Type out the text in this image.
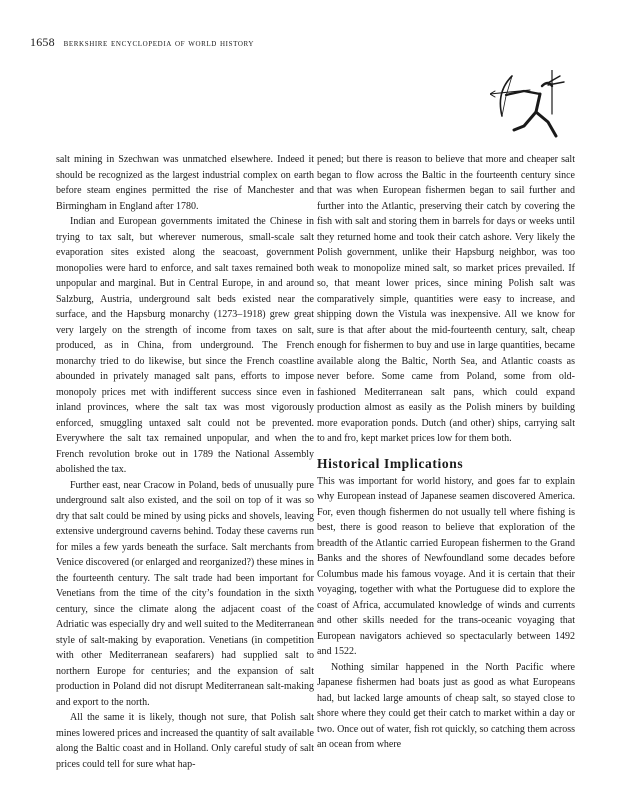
1658 berkshire encyclopedia of world history

salt mining in Szechwan was unmatched elsewhere. Indeed it should be recognized as the largest industrial complex on earth before steam engines permitted the rise of Manchester and Birmingham in England after 1780.

Indian and European governments imitated the Chinese in trying to tax salt, but wherever numerous, small-scale salt evaporation sites existed along the seacoast, government monopolies were hard to enforce, and salt taxes remained both unpopular and marginal. But in Central Europe, in and around Salzburg, Austria, underground salt beds existed near the surface, and the Hapsburg monarchy (1273–1918) grew great very largely on the strength of income from taxes on salt, produced, as in China, from underground. The French monarchy tried to do likewise, but since the French coastline abounded in privately managed salt pans, efforts to impose monopoly prices met with indifferent success since even in inland provinces, where the salt tax was most vigorously enforced, smuggling untaxed salt could not be prevented. Everywhere the salt tax remained unpopular, and when the French revolution broke out in 1789 the National Assembly abolished the tax.

Further east, near Cracow in Poland, beds of unusually pure underground salt also existed, and the soil on top of it was so dry that salt could be mined by using picks and shovels, leaving extensive underground caverns behind. Today these caverns run for miles a few yards beneath the surface. Salt merchants from Venice discovered (or enlarged and reorganized?) these mines in the fourteenth century. The salt trade had been important for Venetians from the time of the city’s foundation in the sixth century, since the climate along the adjacent coast of the Adriatic was especially dry and well suited to the Mediterranean style of salt-making by evaporation. Venetians (in competition with other Mediterranean seafarers) had supplied salt to northern Europe for centuries; and the expansion of salt production in Poland did not disrupt Mediterranean salt-making and export to the north.

All the same it is likely, though not sure, that Polish salt mines lowered prices and increased the quantity of salt available along the Baltic coast and in Holland. Only careful study of salt prices could tell for sure what hap-

pened; but there is reason to believe that more and cheaper salt began to flow across the Baltic in the fourteenth century since that was when European fishermen began to sail further and further into the Atlantic, preserving their catch by covering the fish with salt and storing them in barrels for days or weeks until they returned home and took their catch ashore. Very likely the Polish government, unlike their Hapsburg neighbor, was too weak to monopolize mined salt, so market prices prevailed. If so, that meant lower prices, since mining Polish salt was comparatively simple, quantities were easy to increase, and shipping down the Vistula was inexpensive. All we know for sure is that after about the mid-fourteenth century, salt, cheap enough for fishermen to buy and use in large quantities, became available along the Baltic, North Sea, and Atlantic coasts as never before. Some came from Poland, some from old-fashioned Mediterranean salt pans, which could expand production almost as easily as the Polish miners by building more evaporation ponds. Dutch (and other) ships, carrying salt to and fro, kept market prices low for them both.

Historical Implications

This was important for world history, and goes far to explain why European instead of Japanese seamen discovered America. For, even though fishermen do not usually tell where fishing is best, there is good reason to believe that exploration of the breadth of the Atlantic carried European fishermen to the Grand Banks and the shores of Newfoundland some decades before Columbus made his famous voyage. And it is certain that their voyaging, together with what the Portuguese did to explore the coast of Africa, accumulated knowledge of winds and currents and other skills needed for the trans-oceanic voyaging that European navigators achieved so spectacularly between 1492 and 1522.

Nothing similar happened in the North Pacific where Japanese fishermen had boats just as good as what Europeans had, but lacked large amounts of cheap salt, so stayed close to shore where they could get their catch to market within a day or two. Once out of water, fish rot quickly, so catching them across an ocean from where
